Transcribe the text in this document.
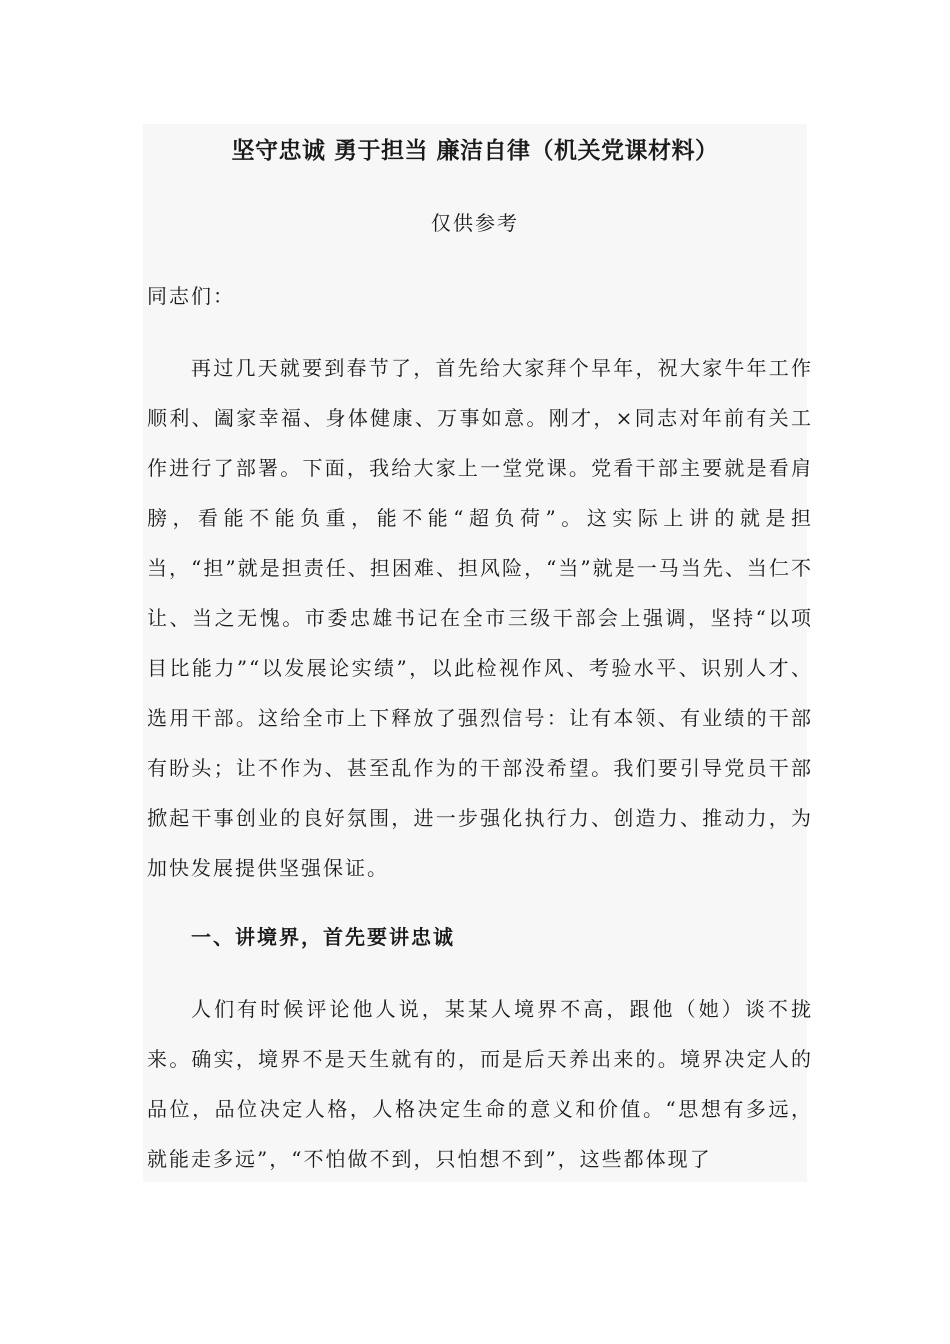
坚守忠诚 勇于担当 廉洁自律（机关党课材料）
仅供参考
同志们：

再过几天就要到春节了，首先给大家拜个早年，祝大家牛年工作顺利、阖家幸福、身体健康、万事如意。刚才，×同志对年前有关工作进行了部署。下面，我给大家上一堂党课。党看干部主要就是看肩膀，看能不能负重，能不能“超负荷”。这实际上讲的就是担当，“担”就是担责任、担困难、担风险，“当”就是一马当先、当仁不让、当之无愧。市委忠雄书记在全市三级干部会上强调，坚持“以项目比能力”“以发展论实绩”，以此检视作风、考验水平、识别人才、选用干部。这给全市上下释放了强烈信号：让有本领、有业绩的干部有盼头；让不作为、甚至乱作为的干部没希望。我们要引导党员干部掀起干事创业的良好氛围，进一步强化执行力、创造力、推动力，为加快发展提供坚强保证。

一、讲境界，首先要讲忠诚

人们有时候评论他人说，某某人境界不高，跟他（她）谈不拢来。确实，境界不是天生就有的，而是后天养出来的。境界决定人的品位，品位决定人格，人格决定生命的意义和价值。“思想有多远，就能走多远”，“不怕做不到，只怕想不到”，这些都体现了
